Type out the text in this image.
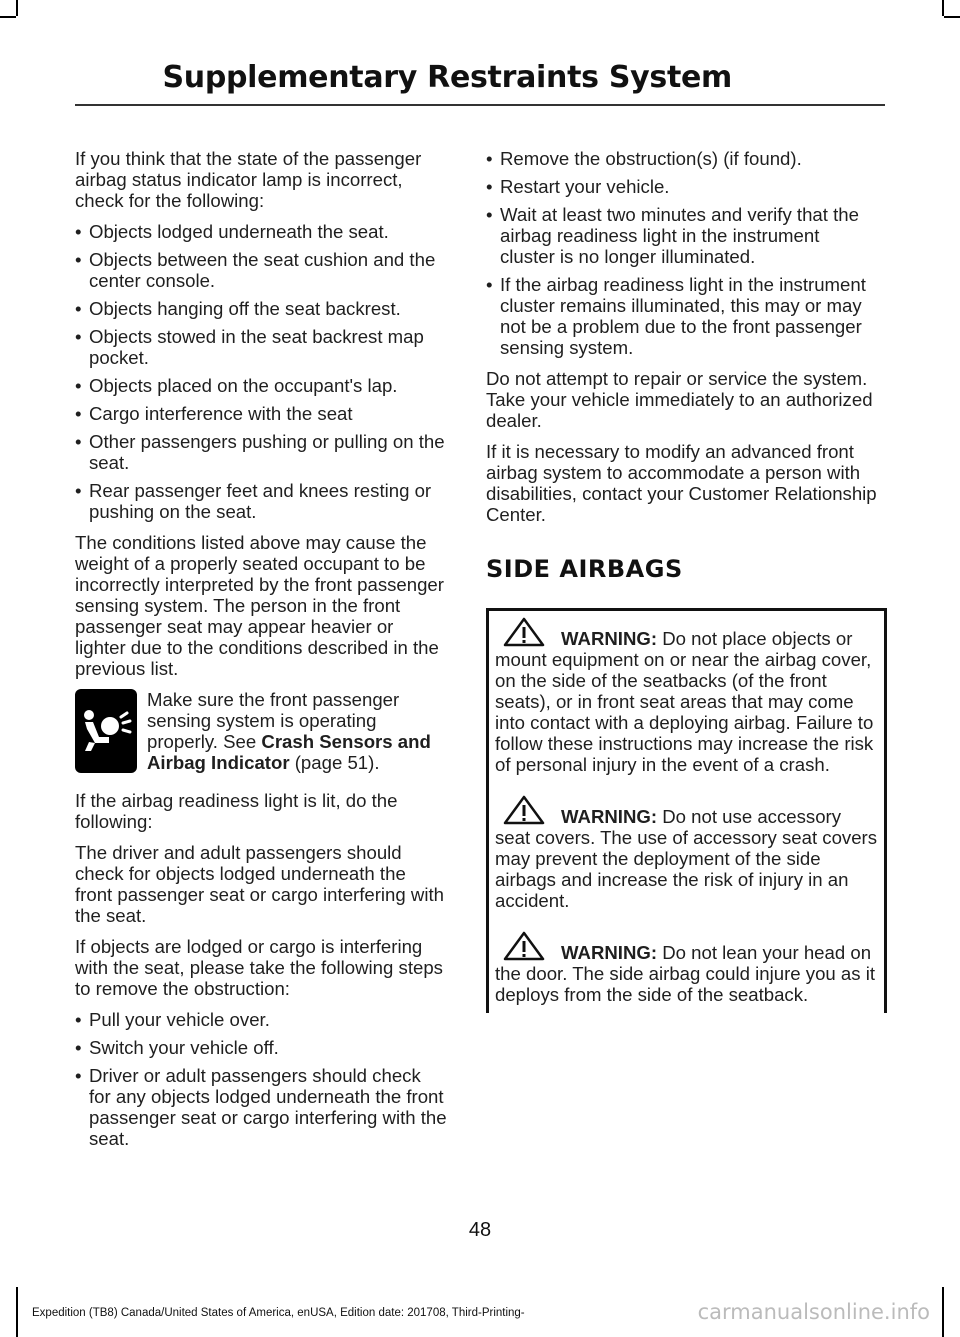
Supplementary Restraints System

If you think that the state of the passenger airbag status indicator lamp is incorrect, check for the following:

• Objects lodged underneath the seat.
• Objects between the seat cushion and the center console.
• Objects hanging off the seat backrest.
• Objects stowed in the seat backrest map pocket.
• Objects placed on the occupant's lap.
• Cargo interference with the seat
• Other passengers pushing or pulling on the seat.
• Rear passenger feet and knees resting or pushing on the seat.

The conditions listed above may cause the weight of a properly seated occupant to be incorrectly interpreted by the front passenger sensing system. The person in the front passenger seat may appear heavier or lighter due to the conditions described in the previous list.

Make sure the front passenger sensing system is operating properly. See Crash Sensors and Airbag Indicator (page 51).

If the airbag readiness light is lit, do the following:

The driver and adult passengers should check for objects lodged underneath the front passenger seat or cargo interfering with the seat.

If objects are lodged or cargo is interfering with the seat, please take the following steps to remove the obstruction:

• Pull your vehicle over.
• Switch your vehicle off.
• Driver or adult passengers should check for any objects lodged underneath the front passenger seat or cargo interfering with the seat.
• Remove the obstruction(s) (if found).
• Restart your vehicle.
• Wait at least two minutes and verify that the airbag readiness light in the instrument cluster is no longer illuminated.
• If the airbag readiness light in the instrument cluster remains illuminated, this may or may not be a problem due to the front passenger sensing system.

Do not attempt to repair or service the system. Take your vehicle immediately to an authorized dealer.

If it is necessary to modify an advanced front airbag system to accommodate a person with disabilities, contact your Customer Relationship Center.

SIDE AIRBAGS
WARNING: Do not place objects or mount equipment on or near the airbag cover, on the side of the seatbacks (of the front seats), or in front seat areas that may come into contact with a deploying airbag. Failure to follow these instructions may increase the risk of personal injury in the event of a crash.
WARNING: Do not use accessory seat covers. The use of accessory seat covers may prevent the deployment of the side airbags and increase the risk of injury in an accident.
WARNING: Do not lean your head on the door. The side airbag could injure you as it deploys from the side of the seatback.
48
Expedition (TB8) Canada/United States of America, enUSA, Edition date: 201708, Third-Printing-	carmanualsonline.info
